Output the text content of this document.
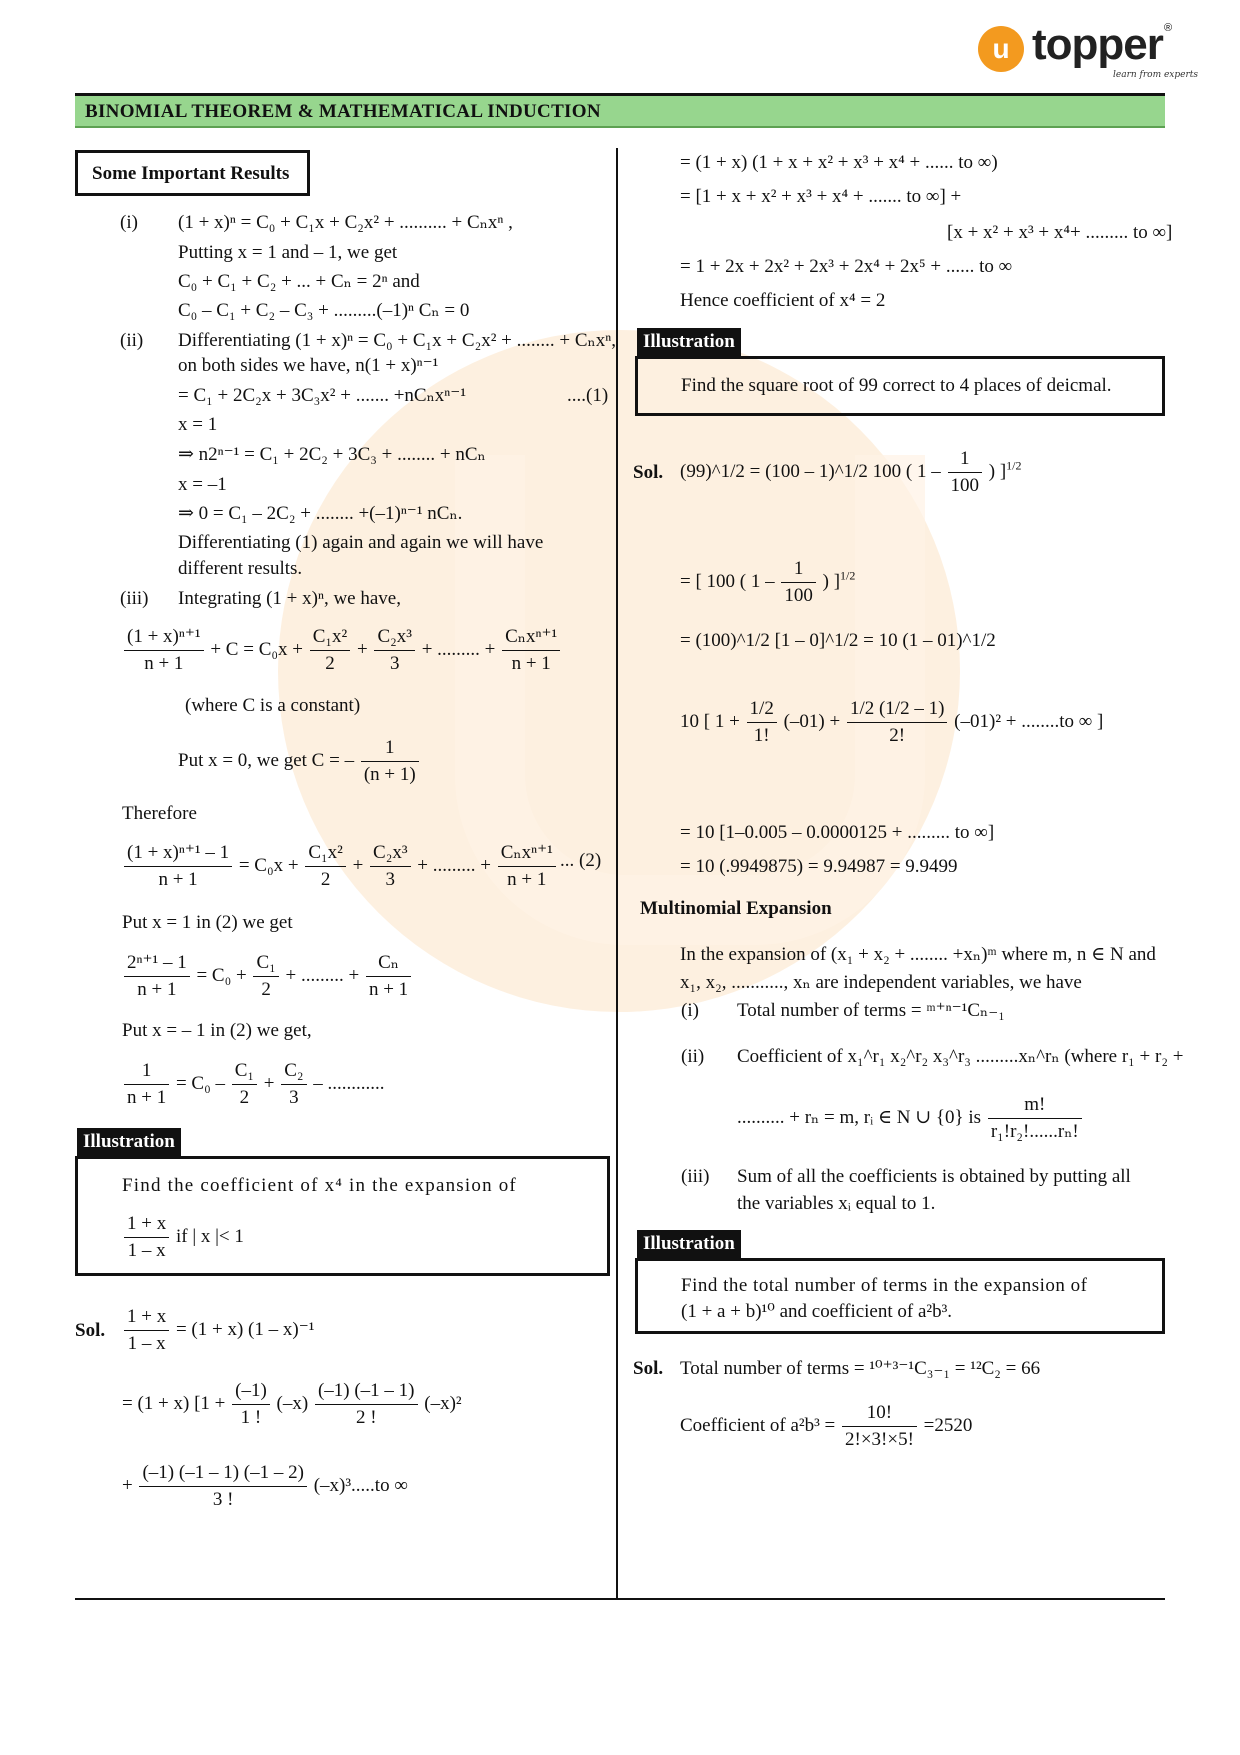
u topper ®
learn from experts
BINOMIAL THEOREM & MATHEMATICAL INDUCTION
Some Important Results
(i) (1 + x)ⁿ = C₀ + C₁x + C₂x² + .......... + Cₙxⁿ ,
Putting x = 1 and – 1, we get
C₀ + C₁ + C₂ + ... + Cₙ = 2ⁿ and
C₀ – C₁ + C₂ – C₃ + .........(–1)ⁿ Cₙ = 0
(ii) Differentiating (1 + x)ⁿ = C₀ + C₁x + C₂x² + ........ + Cₙxⁿ,
on both sides we have, n(1 + x)ⁿ⁻¹
= C₁ + 2C₂x + 3C₃x² + ....... +nCₙxⁿ⁻¹	....(1)
x = 1
⇒ n2ⁿ⁻¹ = C₁ + 2C₂ + 3C₃ + ........ + nCₙ
x = –1
⇒ 0 = C₁ – 2C₂ + ........ +(–1)ⁿ⁻¹ nCₙ.
Differentiating (1) again and again we will have
different results.
(iii) Integrating (1 + x)ⁿ, we have,
$\frac{\text{(1 + x)ⁿ⁺¹}}{n + 1} + C = C_0x + \frac{\text{C₁x²}}{2} + \frac{\text{C₂x³}}{3}$ + ......... + $\frac{\text{Cₙxⁿ⁺¹}}{n + 1}$
(where C is a constant)
Put x = 0, we get C = – $\frac{1}{(n + 1)}$
Therefore
$\frac{\text{(1 + x)ⁿ⁺¹ – 1}}{n + 1} = C_0x + \frac{\text{C₁x²}}{2} + \frac{\text{C₂x³}}{3}$ + ......... + $\frac{\text{Cₙxⁿ⁺¹}}{n + 1}$ ... (2)
Put x = 1 in (2) we get
$\frac{\text{2ⁿ⁺¹ – 1}}{n + 1} = C_0 + \frac{\text{C₁}}{2}$ + ......... + $\frac{\text{Cₙ}}{n + 1}$
Put x = – 1 in (2) we get,
$\frac{1}{n + 1} = C_0 - \frac{\text{C₁}}{2} + \frac{\text{C₂}}{3}$ – ............
Illustration
Find the coefficient of x⁴ in the expansion of
$\frac{1 + x}{1 - x}$ if | x |< 1
Sol. $\frac{1 + x}{1 - x} = (1 + x)$ (1 – x)⁻¹
= (1 + x) [$1 + \frac{(-1)}{1 !} (-x) \frac{(-1) (-1 - 1)}{2 !} (-x)^2$
+ $\frac{(-1) (-1 - 1) (-1 - 2)}{3 !} (-x)^3.....to$ ∞
= (1 + x) (1 + x + x² + x³ + x⁴ + ...... to ∞)
= [1 + x + x² + x³ + x⁴ + ....... to ∞] +
[x + x² + x³ + x⁴+ ......... to ∞]
= 1 + 2x + 2x² + 2x³ + 2x⁴ + 2x⁵ + ...... to ∞
Hence coefficient of x⁴ = 2
Illustration
Find the square root of 99 correct to 4 places of deicmal.
Sol. (99)^1/2 = (100 – 1)^1/2 100 ( $1 - \frac{1}{100}$ ) ]$^{1/2}$
= [ 100 ( $1 - \frac{1}{100}$ ) ]$^{1/2}$
= (100)^1/2 [1 – 0]^1/2 = 10 (1 – 01)^1/2
10 [ $1 + \frac{1/2}{1!} (-01) + \frac{1/2 (1/2 - 1)}{2!} (-01)^2 + ........to$ ∞ ]
= 10 [1–0.005 – 0.0000125 + ......... to ∞]
= 10 (.9949875) = 9.94987 = 9.9499
Multinomial Expansion
In the expansion of (x₁ + x₂ + ........ +xₙ)ᵐ where m, n ∈ N and
x₁, x₂, ..........., xₙ are independent variables, we have
(i) Total number of terms = ᵐ⁺ⁿ⁻¹Cₙ₋₁
(ii) Coefficient of x₁^r₁ x₂^r₂ x₃^r₃ .........xₙ^rₙ (where r₁ + r₂ +
.......... + rₙ = m, rᵢ ∈ N ∪ {0} is $\frac{m!}{\text{r₁!r₂!......rₙ!}}$
(iii) Sum of all the coefficients is obtained by putting all
the variables xᵢ equal to 1.
Illustration
Find the total number of terms in the expansion of
(1 + a + b)¹⁰ and coefficient of a²b³.
Sol. Total number of terms = ¹⁰⁺³⁻¹C₃₋₁ = ¹²C₂ = 66
Coefficient of $a^2b^3 = \frac{10!}{2!\times 3!\times 5!} =2520$
